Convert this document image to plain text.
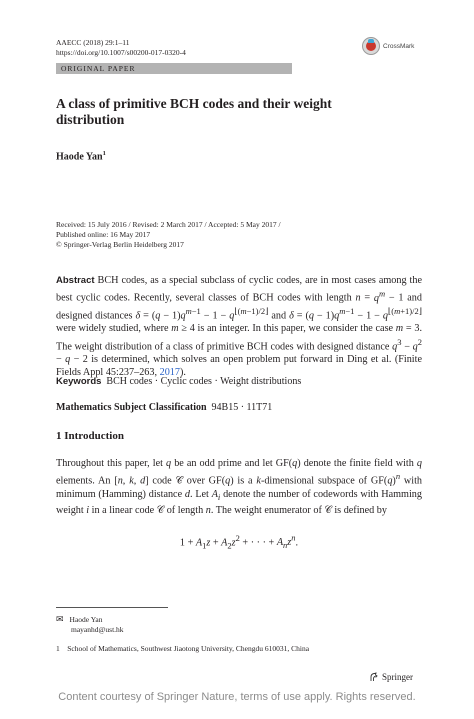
AAECC (2018) 29:1–11
https://doi.org/10.1007/s00200-017-0320-4
CrossMark
ORIGINAL PAPER
A class of primitive BCH codes and their weight distribution
Haode Yan$^1$
Received: 15 July 2016 / Revised: 2 March 2017 / Accepted: 5 May 2017 /
Published online: 16 May 2017
© Springer-Verlag Berlin Heidelberg 2017
Abstract BCH codes, as a special subclass of cyclic codes, are in most cases among the best cyclic codes. Recently, several classes of BCH codes with length $n = q^m - 1$ and designed distances $\delta = (q - 1)q^{m-1} - 1 - q^{⌊(m-1)/2⌋}$ and $\delta = (q - 1)q^{m-1} - 1 - q^{⌊(m+1)/2⌋}$ were widely studied, where m ≥ 4 is an integer. In this paper, we consider the case m = 3. The weight distribution of a class of primitive BCH codes with designed distance $q^3 - q^2 - q - 2$ is determined, which solves an open problem put forward in Ding et al. (Finite Fields Appl 45:237–263, 2017).
Keywords BCH codes · Cyclic codes · Weight distributions
Mathematics Subject Classification 94B15 · 11T71
1 Introduction
Throughout this paper, let q be an odd prime and let GF(q) denote the finite field with q elements. An [n, k, d] code 𝒞 over GF(q) is a k-dimensional subspace of $GF(q)^n$ with minimum (Hamming) distance d. Let $A_i$ denote the number of codewords with Hamming weight i in a linear code 𝒞 of length n. The weight enumerator of 𝒞 is defined by
$1 + A_1z + A_2z^2$ + · · · + $A_nz^n$.
✉ Haode Yan
mayanhd@ust.hk
1 School of Mathematics, Southwest Jiaotong University, Chengdu 610031, China
Springer
Content courtesy of Springer Nature, terms of use apply. Rights reserved.
